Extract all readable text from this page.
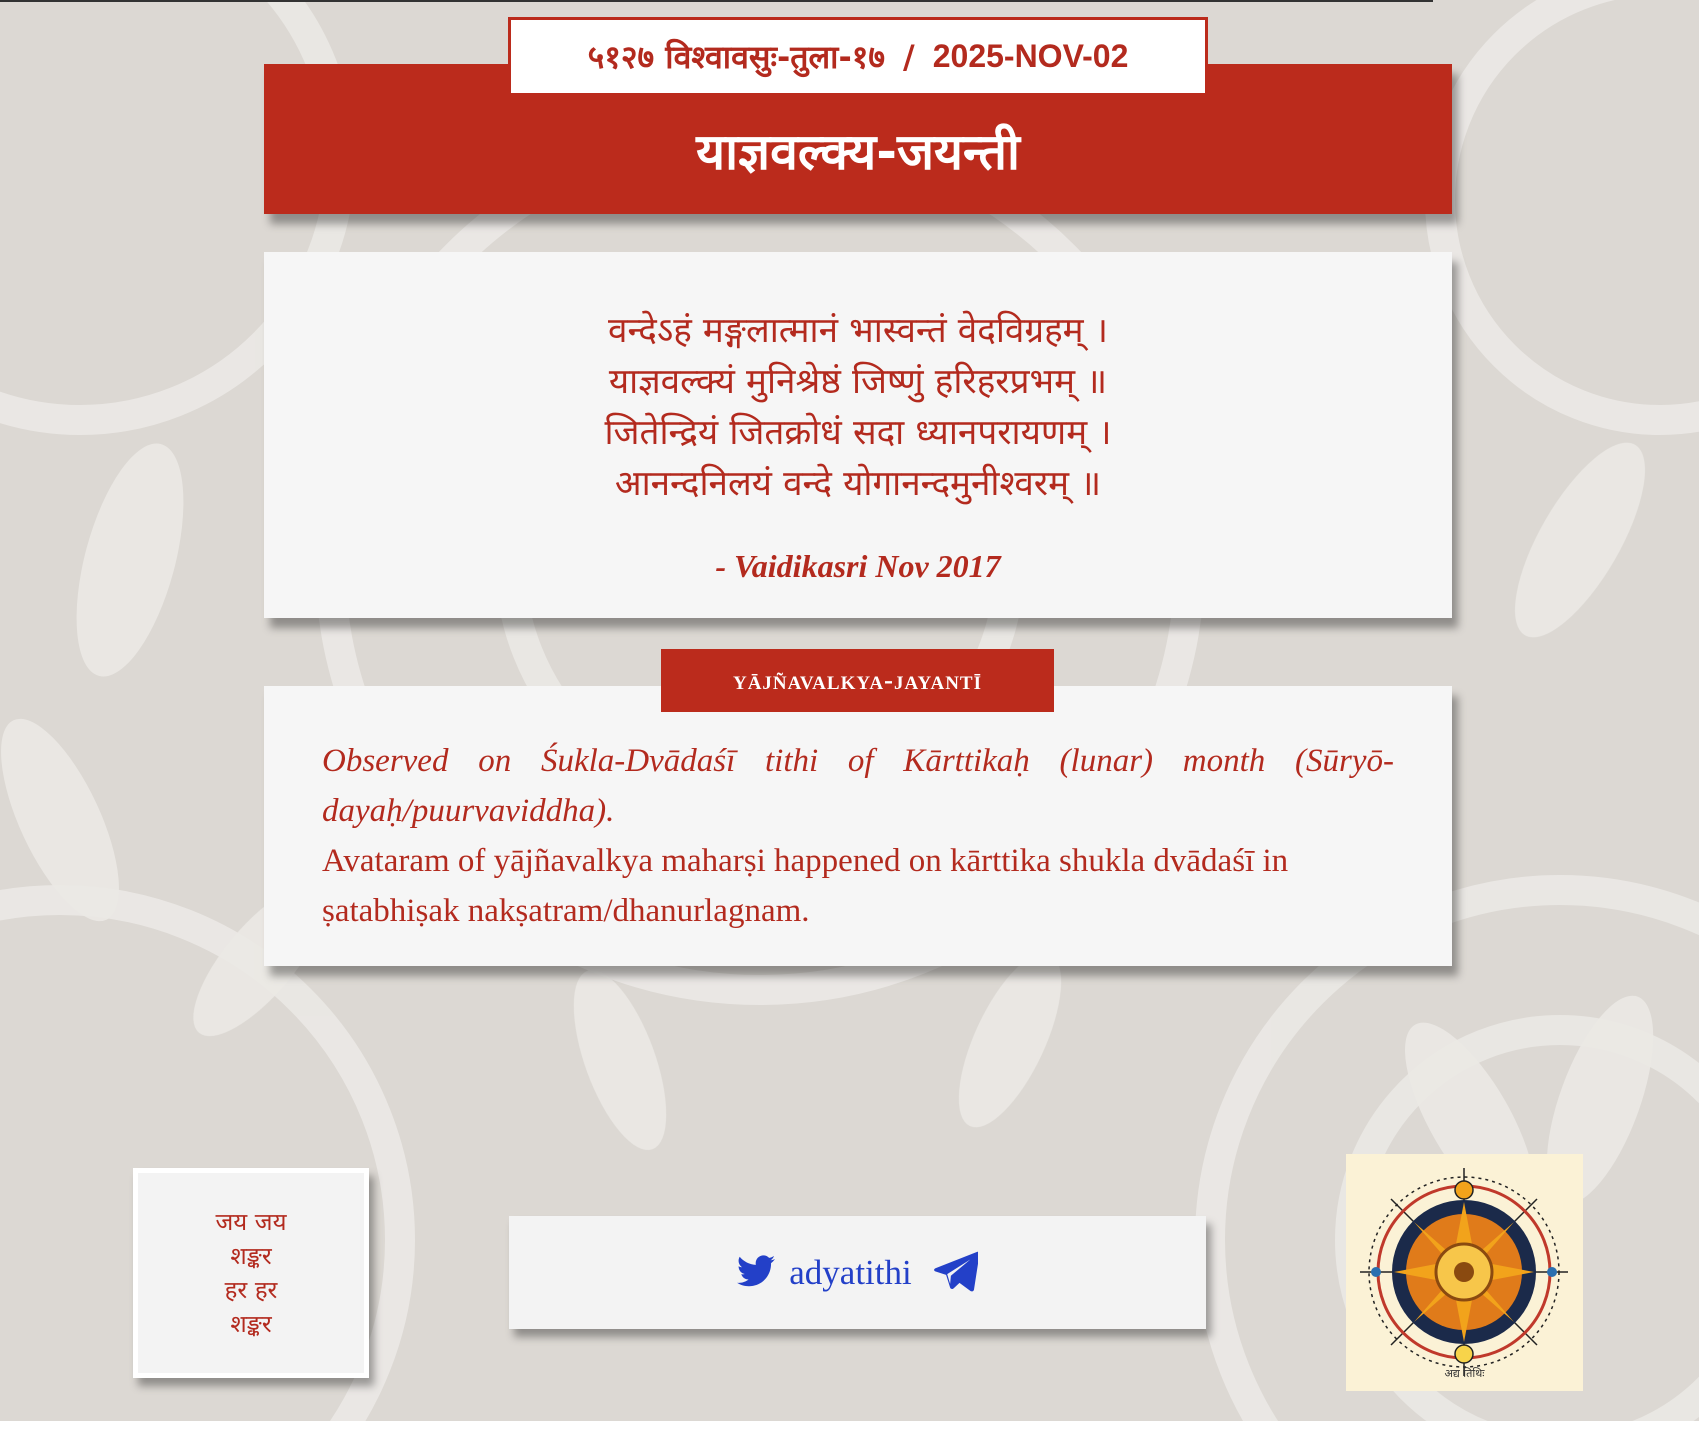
५१२७ विश्वावसुः-तुला-१७ / 2025-NOV-02
याज्ञवल्क्य-जयन्ती
वन्देऽहं मङ्गलात्मानं भास्वन्तं वेदविग्रहम् ।
याज्ञवल्क्यं मुनिश्रेष्ठं जिष्णुं हरिहरप्रभम् ॥
जितेन्द्रियं जितक्रोधं सदा ध्यानपरायणम् ।
आनन्दनिलयं वन्दे योगानन्दमुनीश्वरम् ॥
- Vaidikasri Nov 2017
Observed on Śukla-Dvādaśī tithi of Kārttikaḥ (lunar) month (Sūryō-dayaḥ/puurvaviddha).
Avataram of yājñavalkya maharṣi happened on kārttika shukla dvādaśī in ṣatabhiṣak nakṣatram/dhanurlagnam.
yājñavalkya-jayantī
जय जय
शङ्कर
हर हर
शङ्कर
adyatithi
अद्य तिथिः
